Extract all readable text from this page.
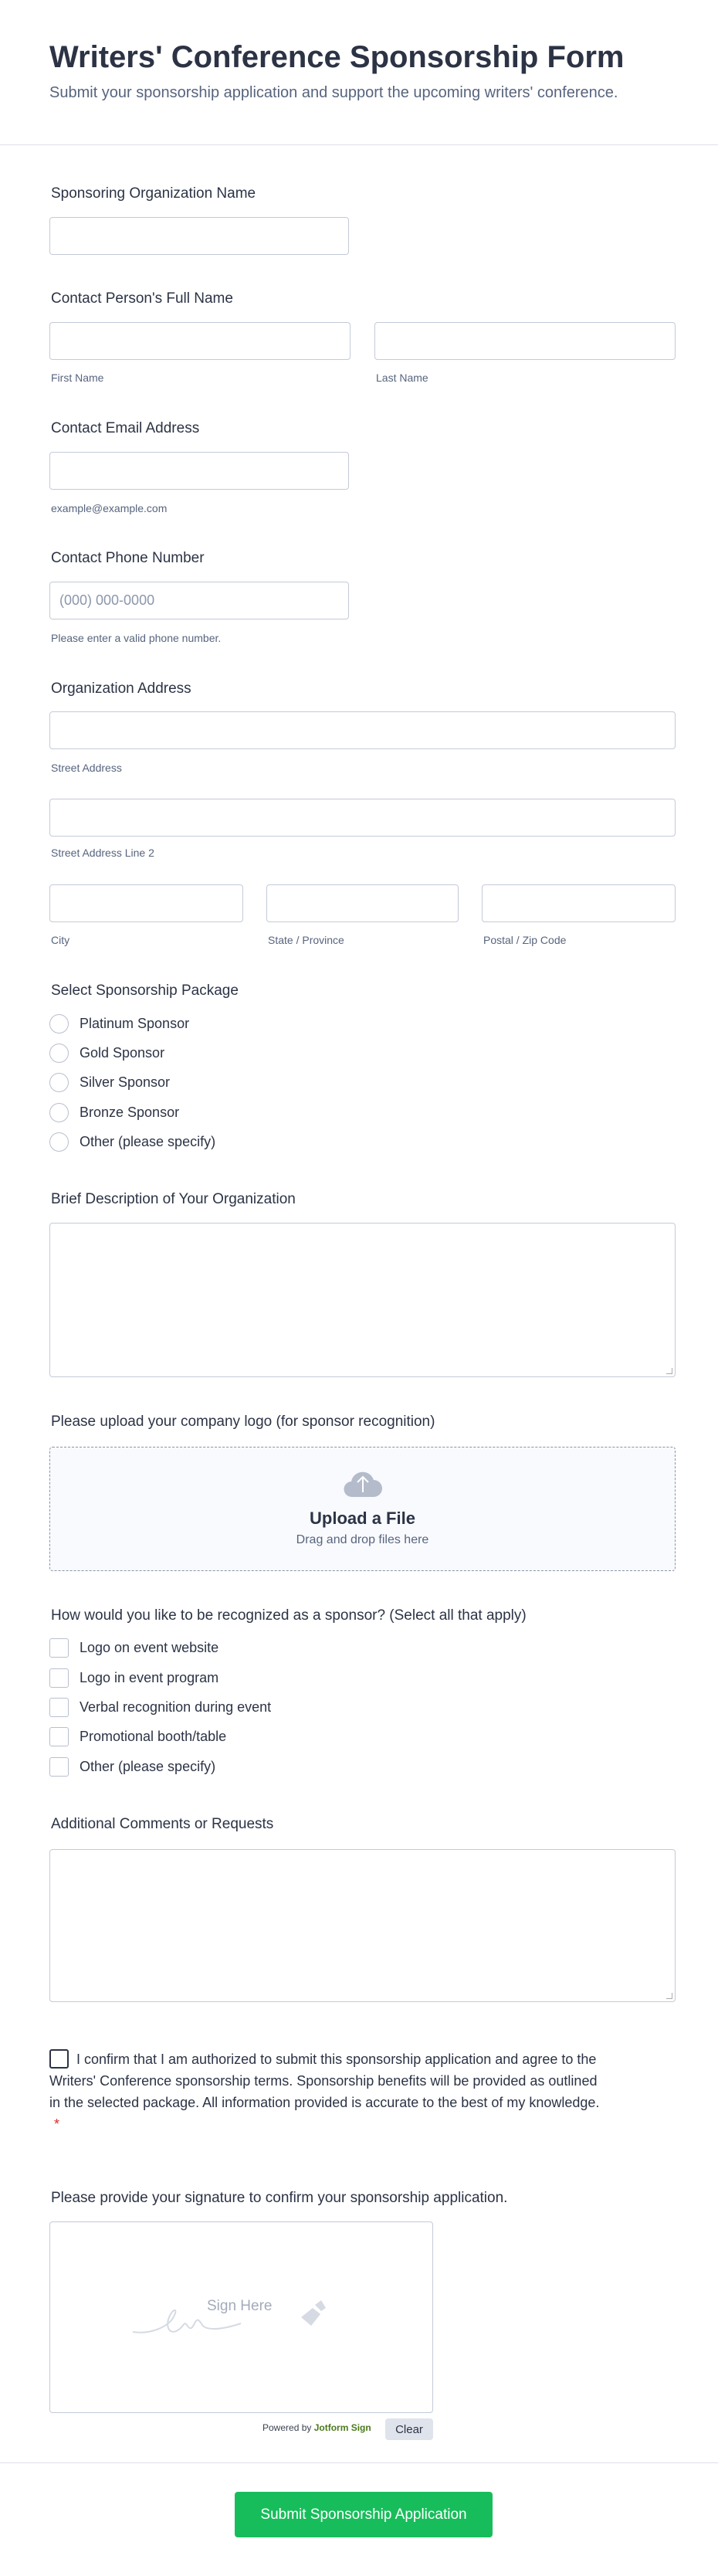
Writers' Conference Sponsorship Form
Submit your sponsorship application and support the upcoming writers' conference.
Sponsoring Organization Name
Contact Person's Full Name
First Name	Last Name
Contact Email Address
example@example.com
Contact Phone Number
(000) 000-0000
Please enter a valid phone number.
Organization Address
Street Address
Street Address Line 2
City	State / Province	Postal / Zip Code
Select Sponsorship Package
Platinum Sponsor
Gold Sponsor
Silver Sponsor
Bronze Sponsor
Other (please specify)
Brief Description of Your Organization
Please upload your company logo (for sponsor recognition)
Upload a File
Drag and drop files here
How would you like to be recognized as a sponsor? (Select all that apply)
Logo on event website
Logo in event program
Verbal recognition during event
Promotional booth/table
Other (please specify)
Additional Comments or Requests
I confirm that I am authorized to submit this sponsorship application and agree to the Writers' Conference sponsorship terms. Sponsorship benefits will be provided as outlined in the selected package. All information provided is accurate to the best of my knowledge. *
Please provide your signature to confirm your sponsorship application.
Sign Here
Powered by Jotform Sign	Clear
Submit Sponsorship Application
